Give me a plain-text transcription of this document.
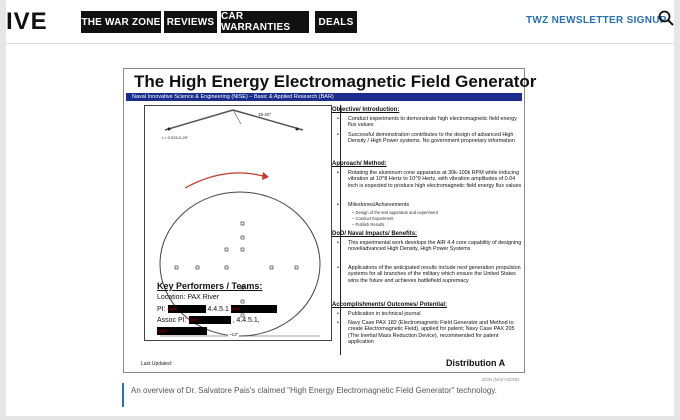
IVE	THE WAR ZONE REVIEWS CAR WARRANTIES	DEALS	TWZ NEWSLETTER SIGNUP
The High Energy Electromagnetic Field Generator
Naval Innovative Science & Engineering (NISE) – Basic & Applied Research (BAR)
15-20°
t = 0.025-0.25"
~13"
Key Performers / Teams:
Location: PAX River
PI: (b)(6)	4.4.5.1 (b)(6)
Assoc PI: (b)(6)	, 4.4.5.1,
(b)(6)
Last Updated:
Objective/ Introduction:
• Conduct experiments to demonstrate high electromagnetic field energy flux values
• Successful demonstration contributes to the design of advanced High Density / High Power systems. No government proprietary information
Approach/ Method:
• Rotating the aluminum cone apparatus at 30k-100k RPM while inducing vibration at 10^8 Hertz to 10^9 Hertz, with vibration amplitudes of 0.04 inch is expected to produce high electromagnetic field energy flux values
• Milestones/Achievements
– Design of the test apparatus and experiment
– Conduct Experiment
– Publish Results
DoD/ Naval Impacts/ Benefits:
• This experimental work develops the AIR 4.4 core capability of designing novel/advanced High Density, High Power Systems
• Applications of the anticipated results include next generation propulsion systems for all branches of the military which ensure the United States wins the future and achieves battlefield supremacy
Accomplishments/ Outcomes/ Potential:
• Publication in technical journal
• Navy Case PAX 182 (Electromagnetic Field Generator and Method to create Electromagnetic Field), applied for patent; Navy Case PAX 205 (The Inertial Mass Reduction Device), recommended for patent application
Distribution A
DON (NAVY)/DOD
An overview of Dr. Salvatore Pais's claimed "High Energy Electromagnetic Field Generator" technology.
